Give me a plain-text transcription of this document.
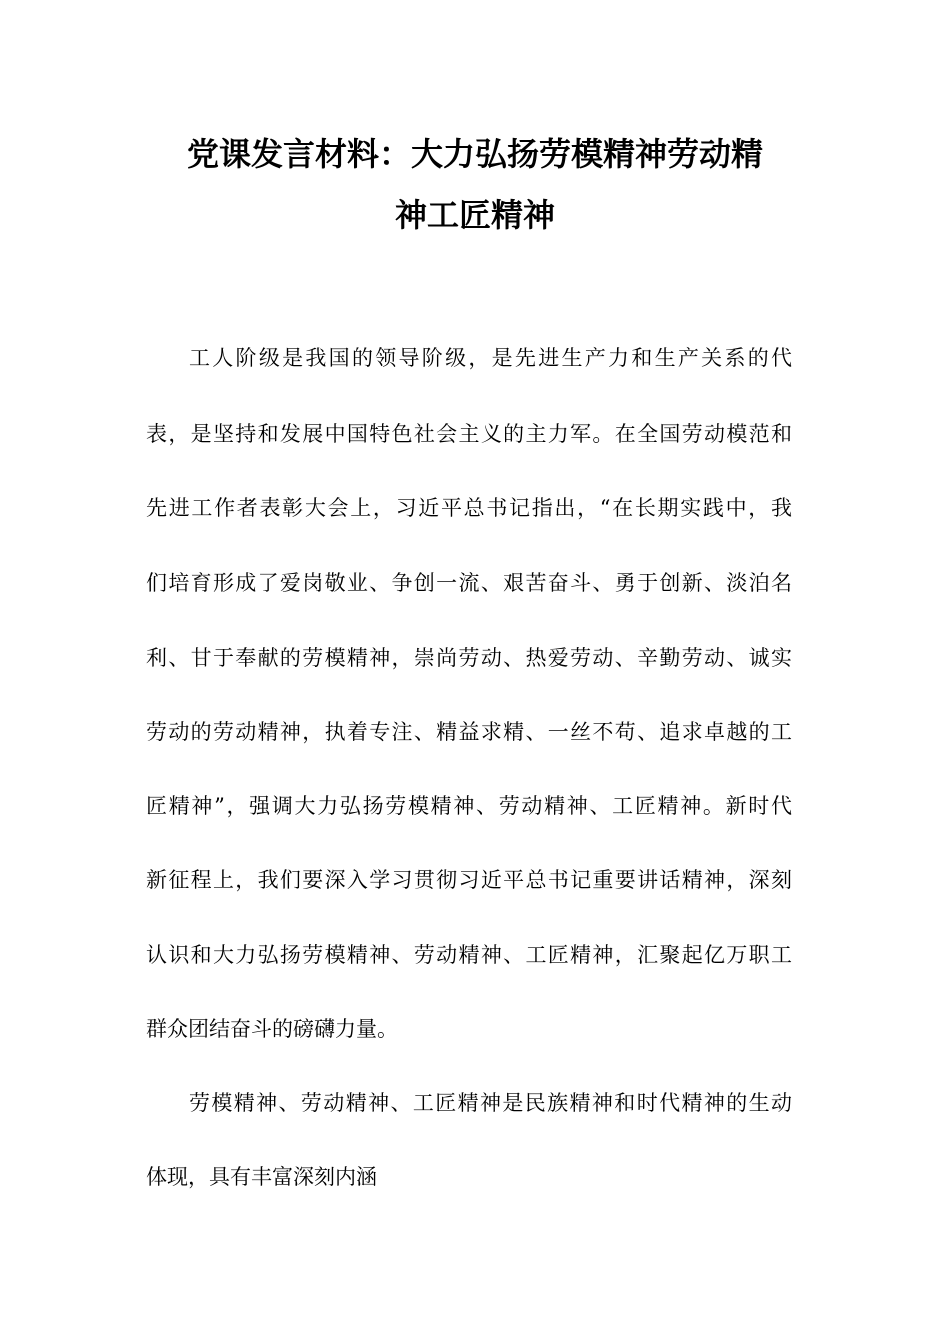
党课发言材料：大力弘扬劳模精神劳动精
神工匠精神
工人阶级是我国的领导阶级，是先进生产力和生产关系的代
表，是坚持和发展中国特色社会主义的主力军。在全国劳动模范和
先进工作者表彰大会上，习近平总书记指出，“在长期实践中，我
们培育形成了爱岗敬业、争创一流、艰苦奋斗、勇于创新、淡泊名
利、甘于奉献的劳模精神，崇尚劳动、热爱劳动、辛勤劳动、诚实
劳动的劳动精神，执着专注、精益求精、一丝不苟、追求卓越的工
匠精神”，强调大力弘扬劳模精神、劳动精神、工匠精神。新时代
新征程上，我们要深入学习贯彻习近平总书记重要讲话精神，深刻
认识和大力弘扬劳模精神、劳动精神、工匠精神，汇聚起亿万职工
群众团结奋斗的磅礴力量。
劳模精神、劳动精神、工匠精神是民族精神和时代精神的生动
体现，具有丰富深刻内涵
